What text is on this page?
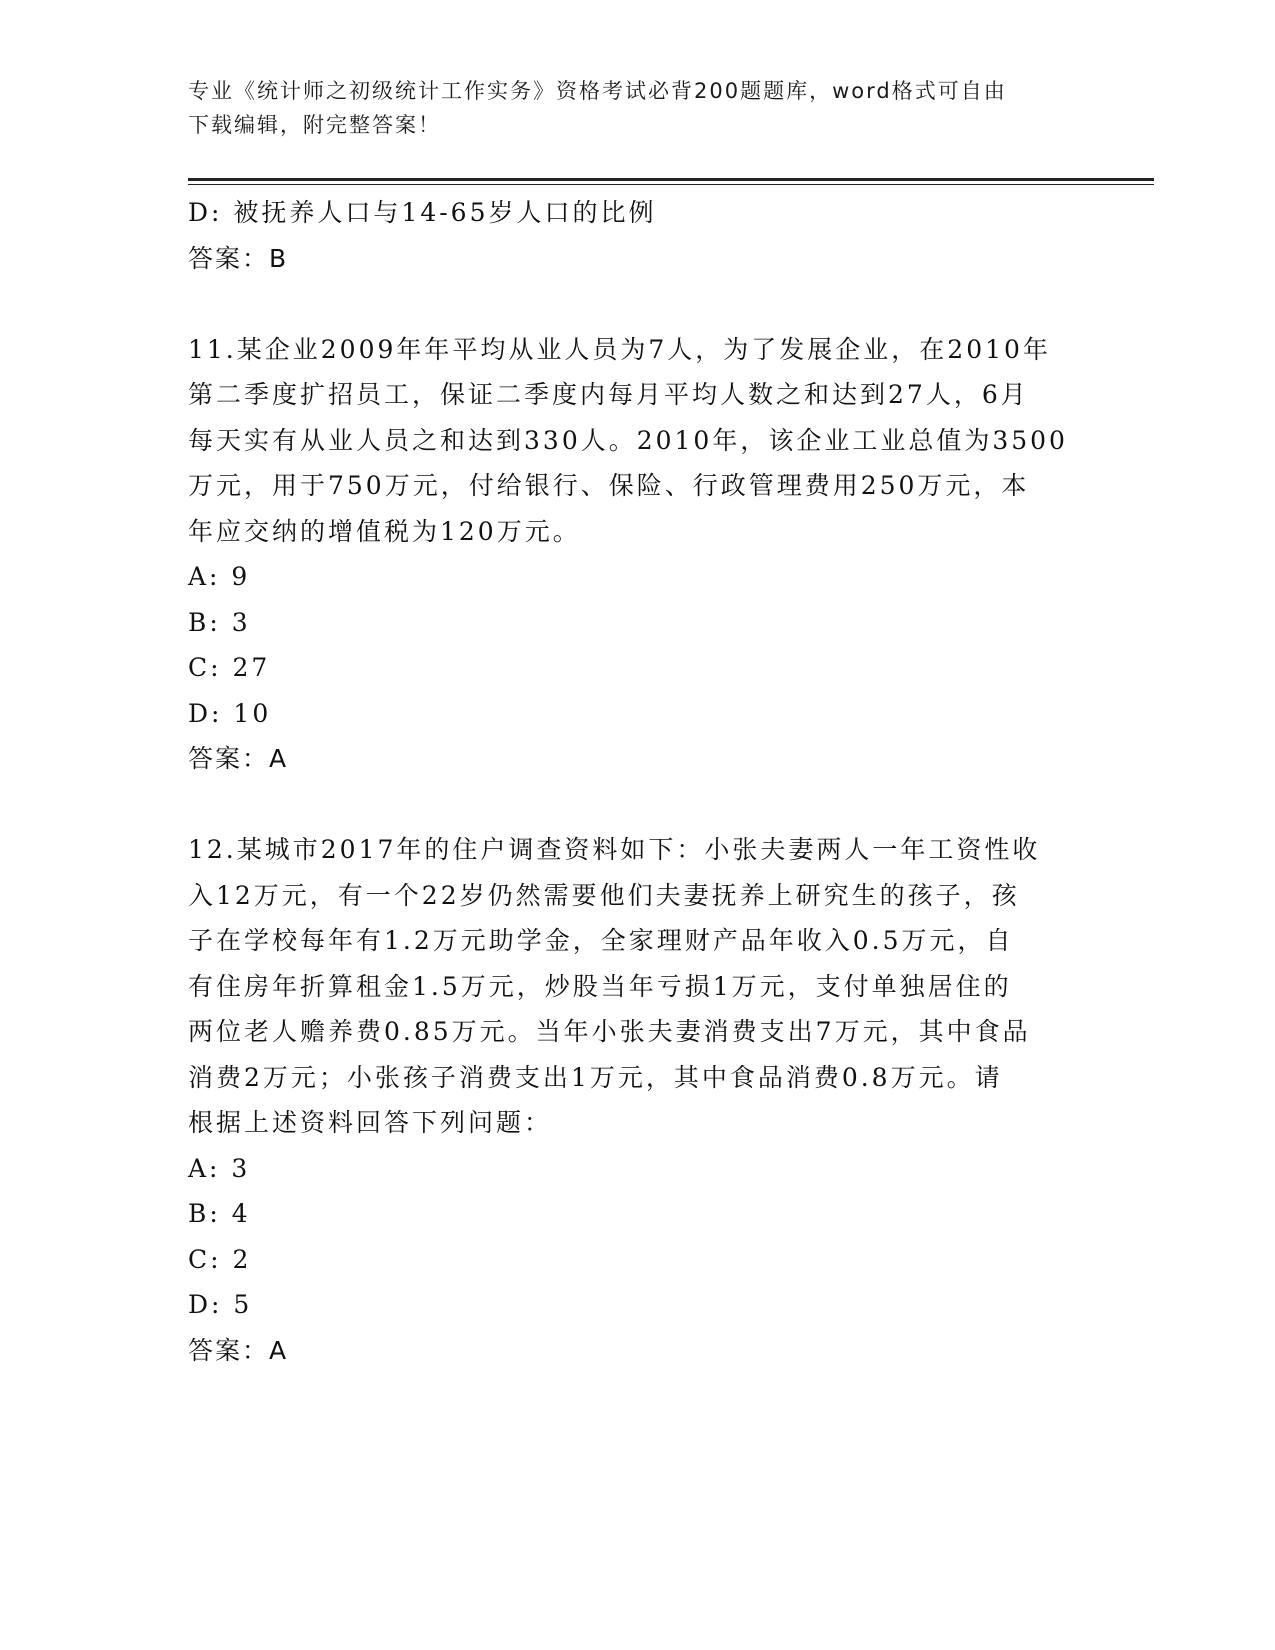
专业《统计师之初级统计工作实务》资格考试必背200题题库，word格式可自由
下载编辑，附完整答案！
D: 被抚养人口与14-65岁人口的比例
答案：B
11.某企业2009年年平均从业人员为7人，为了发展企业，在2010年
第二季度扩招员工，保证二季度内每月平均人数之和达到27人，6月
每天实有从业人员之和达到330人。2010年，该企业工业总值为3500
万元，用于750万元，付给银行、保险、行政管理费用250万元，本
年应交纳的增值税为120万元。
A: 9
B: 3
C: 27
D: 10
答案：A
12.某城市2017年的住户调查资料如下：小张夫妻两人一年工资性收
入12万元，有一个22岁仍然需要他们夫妻抚养上研究生的孩子，孩
子在学校每年有1.2万元助学金，全家理财产品年收入0.5万元，自
有住房年折算租金1.5万元，炒股当年亏损1万元，支付单独居住的
两位老人赡养费0.85万元。当年小张夫妻消费支出7万元，其中食品
消费2万元；小张孩子消费支出1万元，其中食品消费0.8万元。请
根据上述资料回答下列问题：
A: 3
B: 4
C: 2
D: 5
答案：A
